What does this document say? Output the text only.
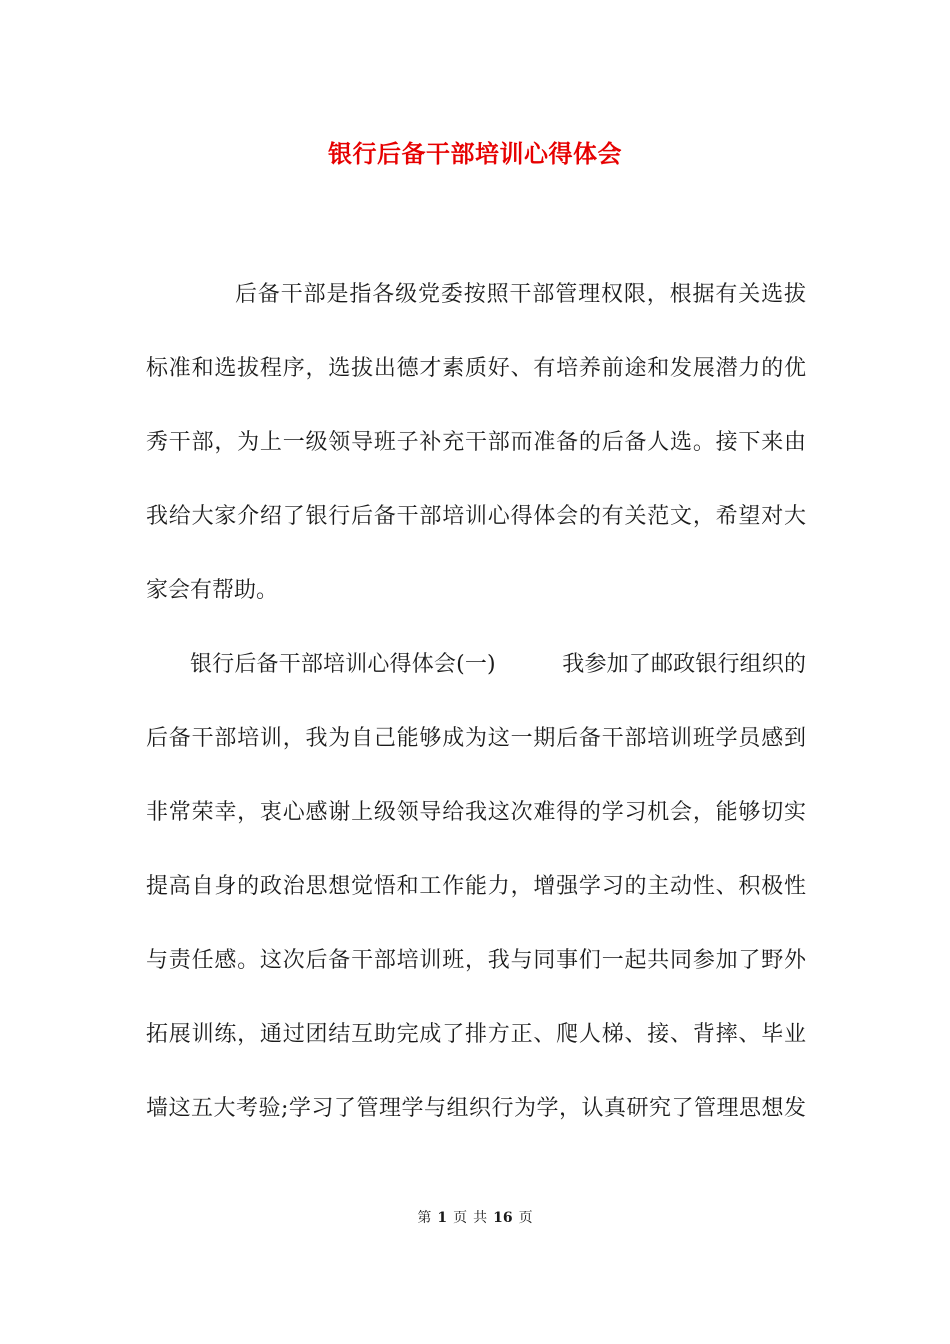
银行后备干部培训心得体会
后备干部是指各级党委按照干部管理权限，根据有关选拔
标准和选拔程序，选拔出德才素质好、有培养前途和发展潜力的优
秀干部，为上一级领导班子补充干部而准备的后备人选。接下来由
我给大家介绍了银行后备干部培训心得体会的有关范文，希望对大
家会有帮助。
银行后备干部培训心得体会(一)　　　我参加了邮政银行组织的
后备干部培训，我为自己能够成为这一期后备干部培训班学员感到
非常荣幸，衷心感谢上级领导给我这次难得的学习机会，能够切实
提高自身的政治思想觉悟和工作能力，增强学习的主动性、积极性
与责任感。这次后备干部培训班，我与同事们一起共同参加了野外
拓展训练，通过团结互助完成了排方正、爬人梯、接、背摔、毕业
墙这五大考验;学习了管理学与组织行为学，认真研究了管理思想发
第 1 页 共 16 页
